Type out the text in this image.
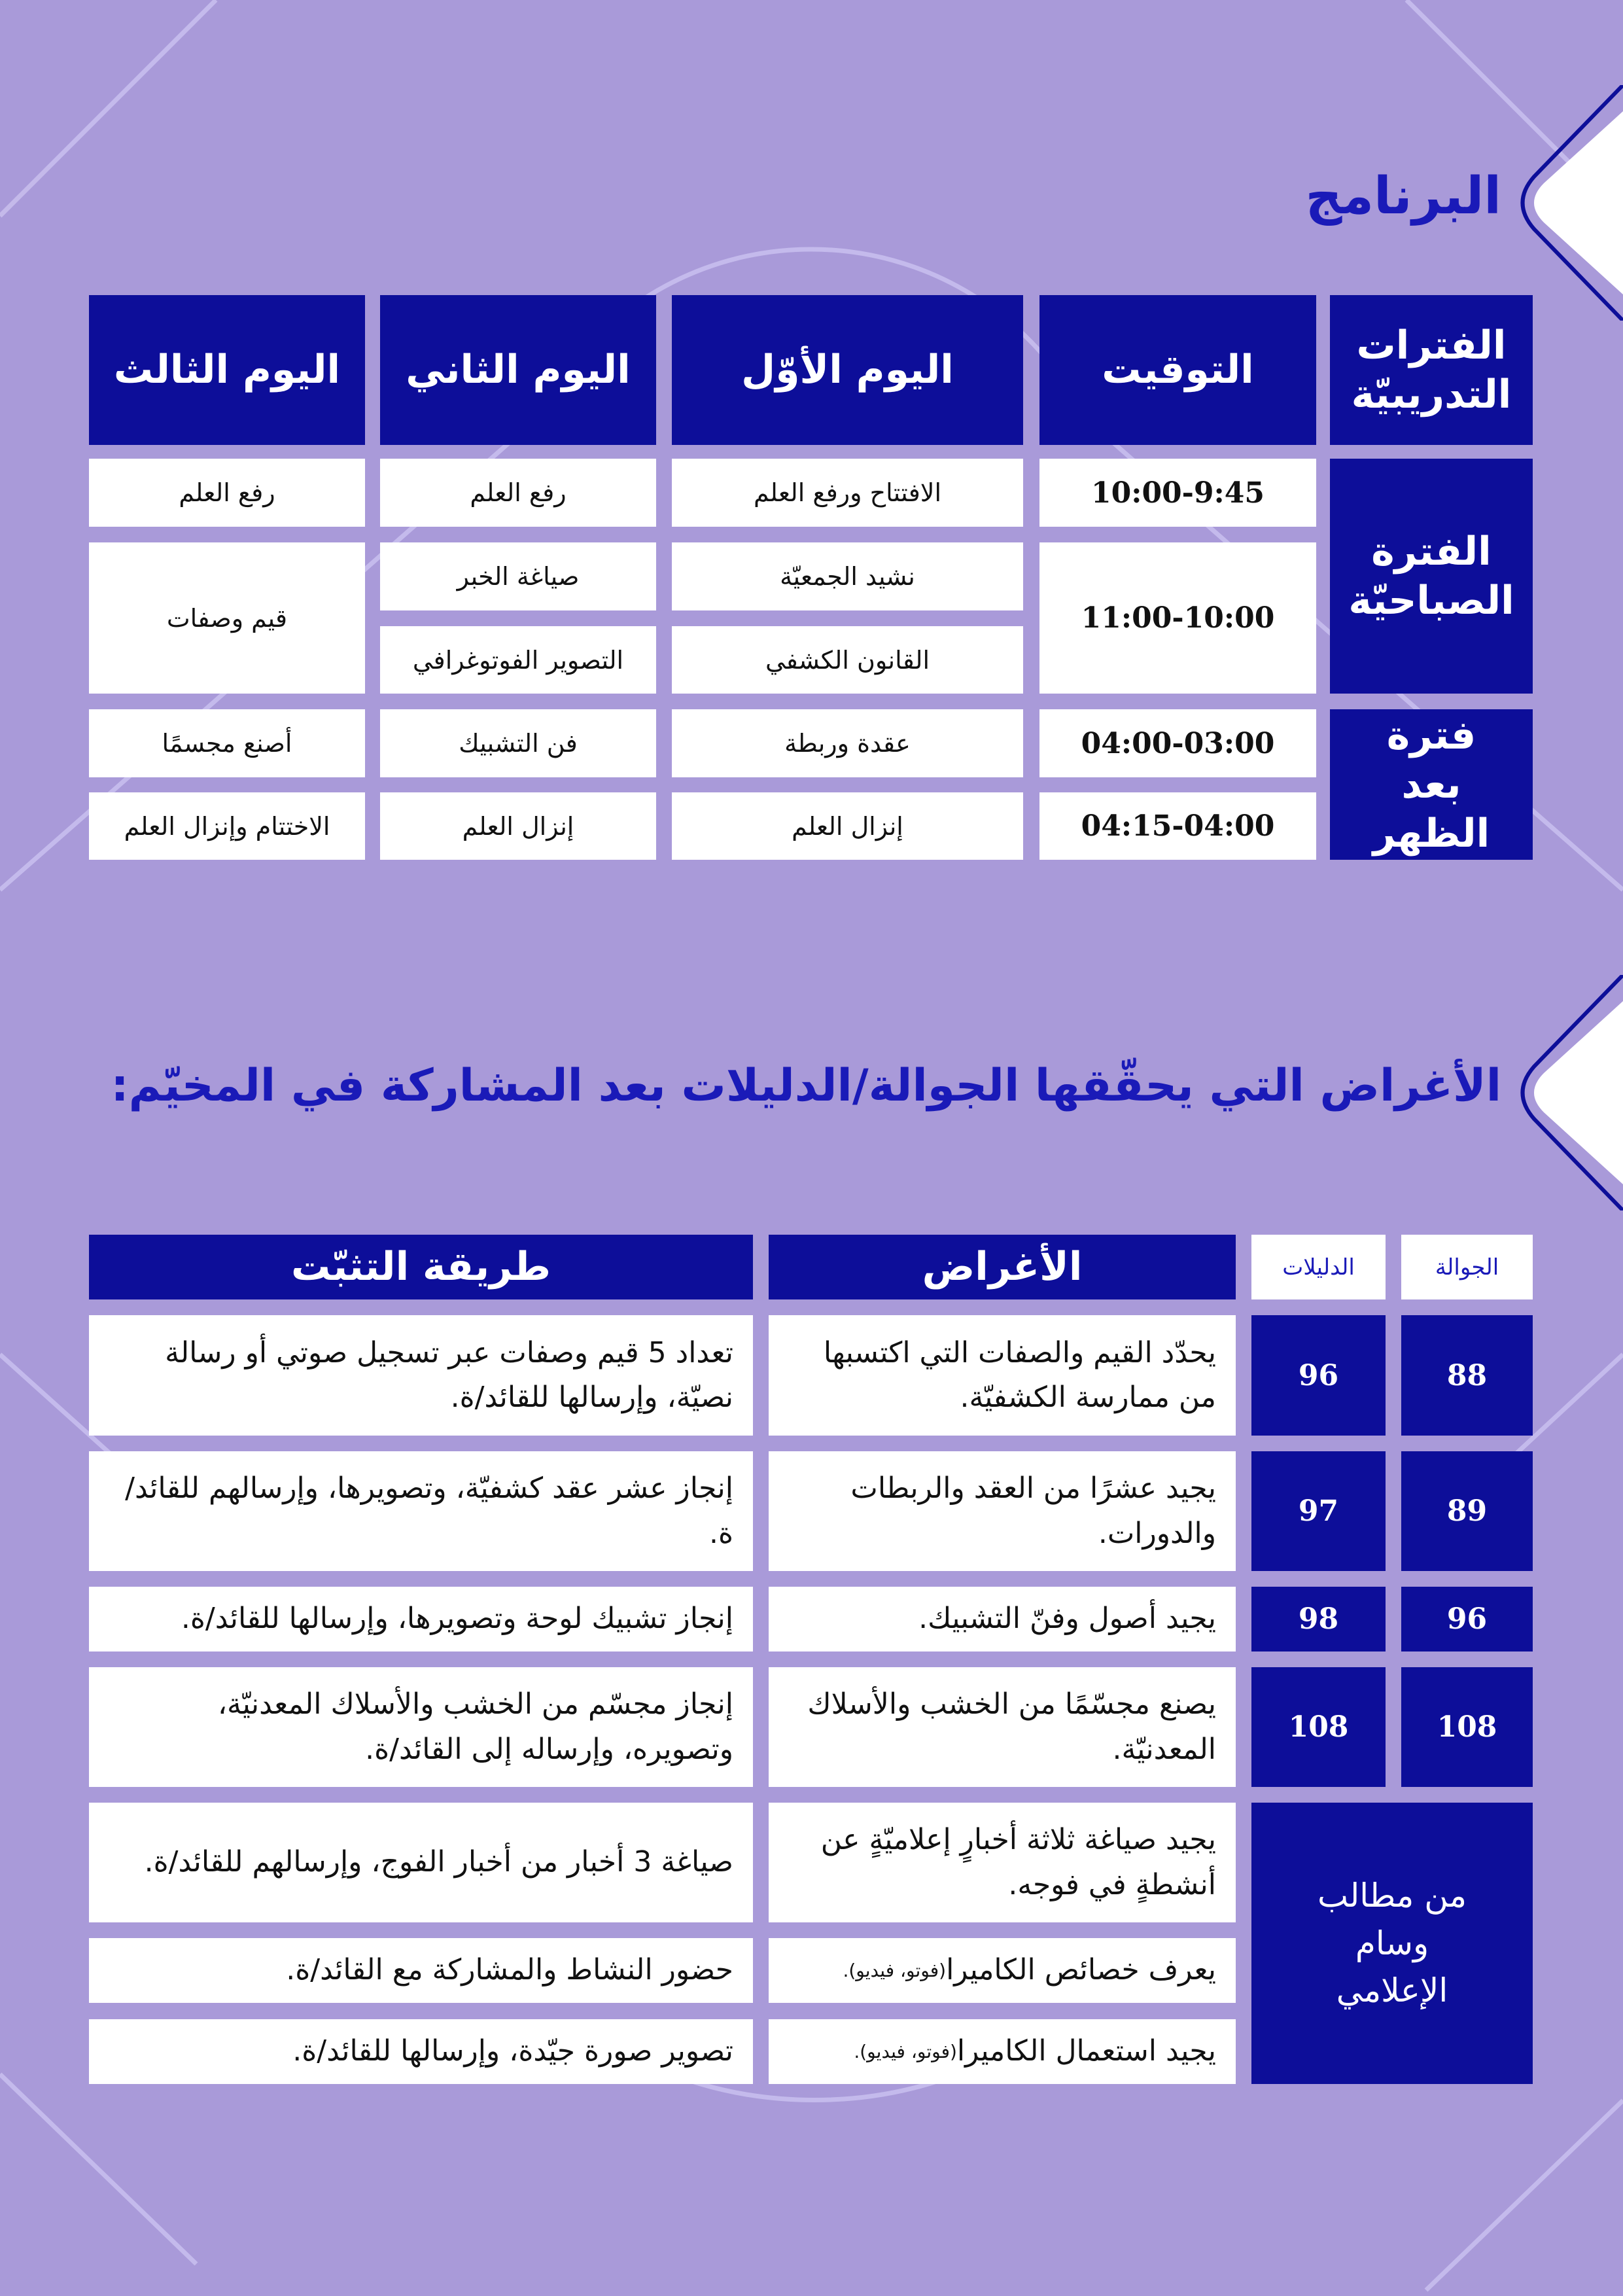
البرنامج
الفترات التدريبيّة
التوقيت
اليوم الأوّل
اليوم الثاني
اليوم الثالث
الفترة الصباحيّة
10:00-9:45
11:00-10:00
الافتتاح ورفع العلم
نشيد الجمعيّة
القانون الكشفي
رفع العلم
صياغة الخبر
التصوير الفوتوغرافي
رفع العلم
قيم وصفات
فترة بعد الظهر
04:00-03:00
04:15-04:00
عقدة وربطة
إنزال العلم
فن التشبيك
إنزال العلم
أصنع مجسمًا
الاختتام وإنزال العلم
الأغراض التي يحقّقها الجوالة/الدليلات بعد المشاركة في المخيّم:
الجوالة
الدليلات
الأغراض
طريقة التثبّت
88
96
يحدّد القيم والصفات التي اكتسبها من ممارسة الكشفيّة.
تعداد 5 قيم وصفات عبر تسجيل صوتي أو رسالة نصيّة، وإرسالها للقائد/ة.
89
97
يجيد عشرًا من العقد والربطات والدورات.
إنجاز عشر عقد كشفيّة، وتصويرها، وإرسالهم للقائد/ة.
96
98
يجيد أصول وفنّ التشبيك.
إنجاز تشبيك لوحة وتصويرها، وإرسالها للقائد/ة.
108
108
يصنع مجسّمًا من الخشب والأسلاك المعدنيّة.
إنجاز مجسّم من الخشب والأسلاك المعدنيّة، وتصويره، وإرساله إلى القائد/ة.
من مطالب وسام الإعلامي
يجيد صياغة ثلاثة أخبارٍ إعلاميّةٍ عن أنشطةٍ في فوجه.
صياغة 3 أخبار من أخبار الفوج، وإرسالهم للقائد/ة.
يعرف خصائص الكاميرا
(فوتو، فيديو).
حضور النشاط والمشاركة مع القائد/ة.
يجيد استعمال الكاميرا
(فوتو، فيديو).
تصوير صورة جيّدة، وإرسالها للقائد/ة.
